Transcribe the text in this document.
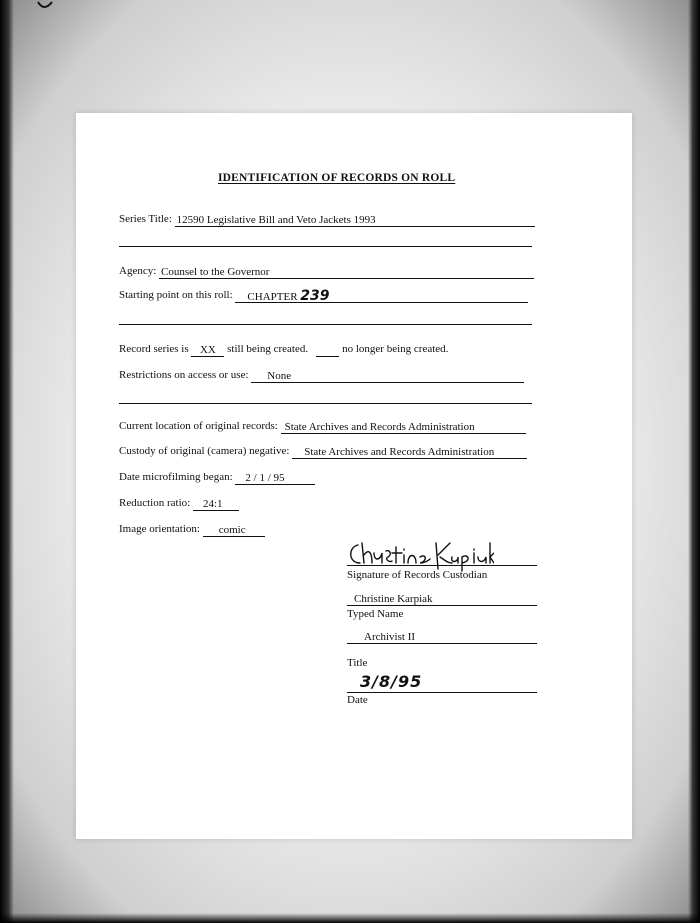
IDENTIFICATION OF RECORDS ON ROLL
Series Title: 12590 Legislative Bill and Veto Jackets 1993
Agency: Counsel to the Governor
Starting point on this roll: CHAPTER 239
Record series is XX still being created.	no longer being created.
Restrictions on access or use: None
Current location of original records: State Archives and Records Administration
Custody of original (camera) negative: State Archives and Records Administration
Date microfilming began: 2 / 1 / 95
Reduction ratio: 24:1
Image orientation: comic
Signature of Records Custodian
Christine Karpiak
Typed Name
Archivist II
Title
3/8/95
Date
